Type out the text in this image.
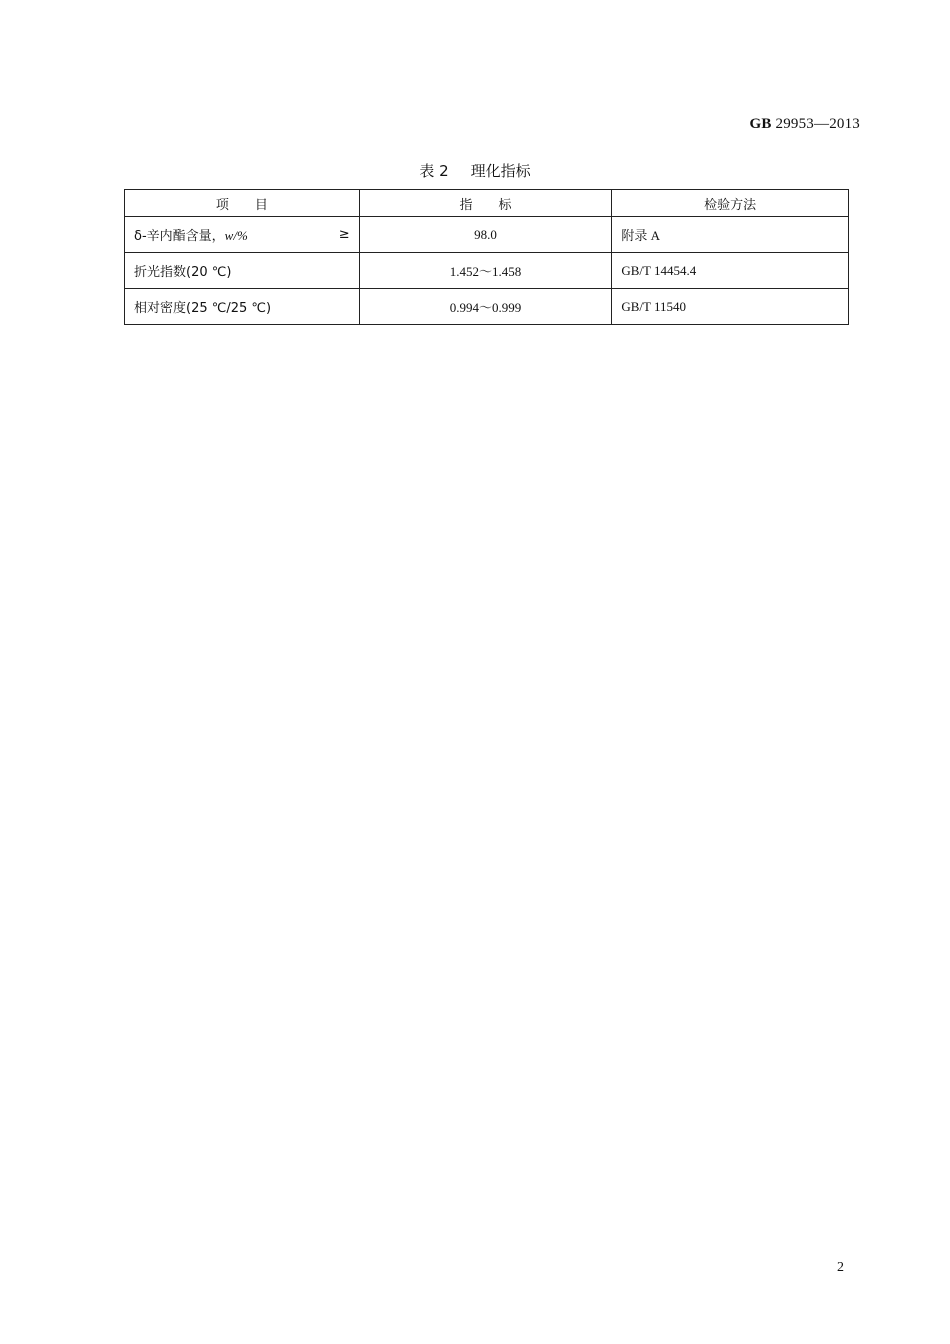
GB 29953—2013
表 2 理化指标
项　　目	指　　标	检验方法

δ-辛内酯含量，w/% ≥	98.0	附录 A

折光指数(20 ℃)	1.452～1.458	GB/T 14454.4

相对密度(25 ℃/25 ℃)	0.994～0.999	GB/T 11540
2
